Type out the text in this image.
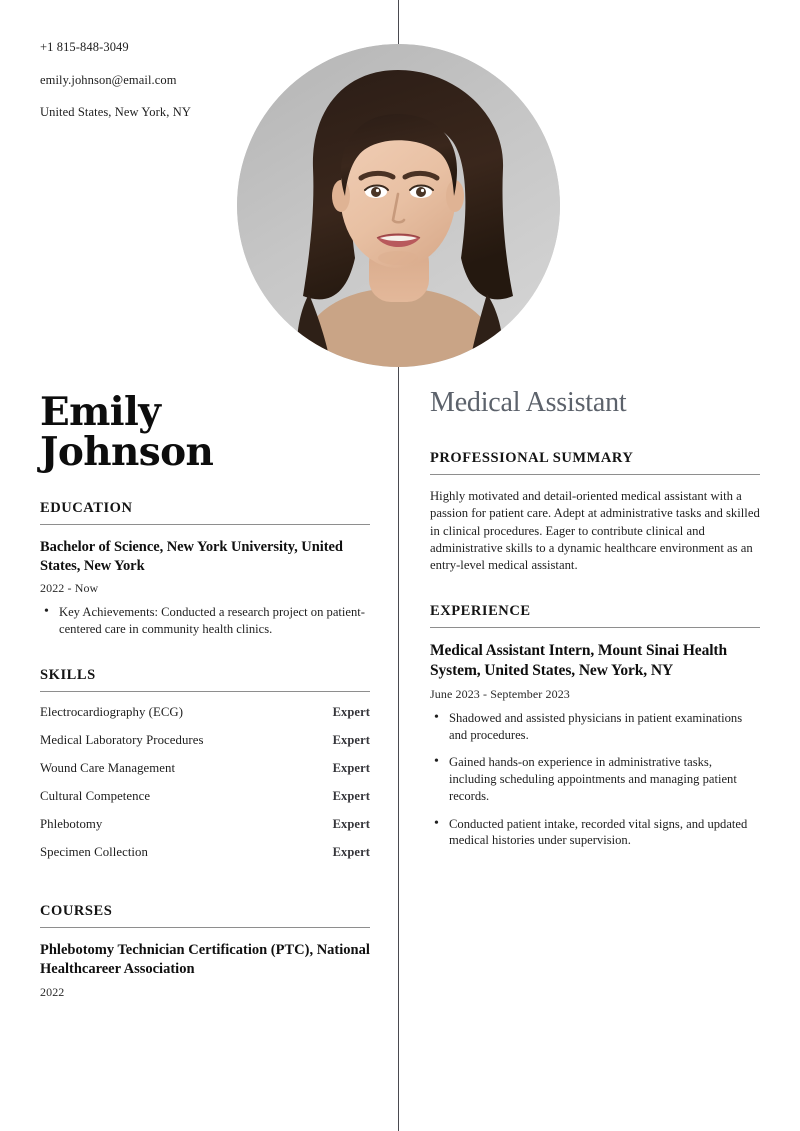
+1 815-848-3049
emily.johnson@email.com
United States, New York, NY
Emily
Johnson
EDUCATION
Bachelor of Science, New York University, United States, New York
2022 - Now
• Key Achievements: Conducted a research project on patient-centered care in community health clinics.
SKILLS
Electrocardiography (ECG)	Expert
Medical Laboratory Procedures	Expert
Wound Care Management	Expert
Cultural Competence	Expert
Phlebotomy	Expert
Specimen Collection	Expert
COURSES
Phlebotomy Technician Certification (PTC), National Healthcareer Association
2022
Medical Assistant
PROFESSIONAL SUMMARY
Highly motivated and detail-oriented medical assistant with a passion for patient care. Adept at administrative tasks and skilled in clinical procedures. Eager to contribute clinical and administrative skills to a dynamic healthcare environment as an entry-level medical assistant.
EXPERIENCE
Medical Assistant Intern, Mount Sinai Health System, United States, New York, NY
June 2023 - September 2023
• Shadowed and assisted physicians in patient examinations and procedures.
• Gained hands-on experience in administrative tasks, including scheduling appointments and managing patient records.
• Conducted patient intake, recorded vital signs, and updated medical histories under supervision.
